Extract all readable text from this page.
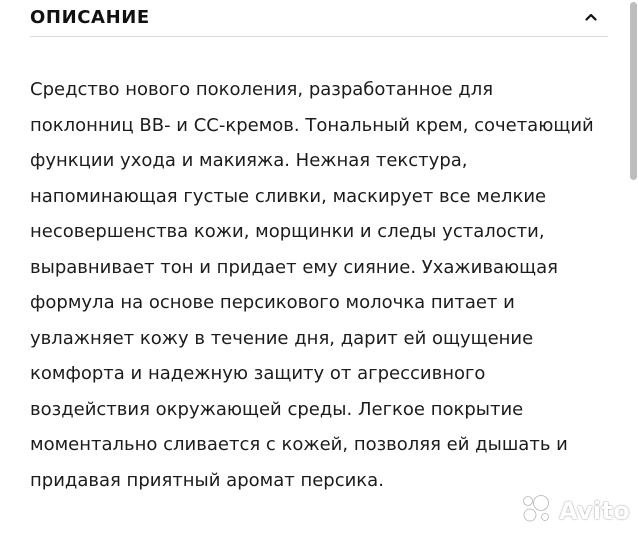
ОПИСАНИЕ

Средство нового поколения, разработанное для
поклонниц BB- и CC-кремов. Тональный крем, сочетающий
функции ухода и макияжа. Нежная текстура,
напоминающая густые сливки, маскирует все мелкие
несовершенства кожи, морщинки и следы усталости,
выравнивает тон и придает ему сияние. Ухаживающая
формула на основе персикового молочка питает и
увлажняет кожу в течение дня, дарит ей ощущение
комфорта и надежную защиту от агрессивного
воздействия окружающей среды. Легкое покрытие
моментально сливается с кожей, позволяя ей дышать и
придавая приятный аромат персика.

Avito
